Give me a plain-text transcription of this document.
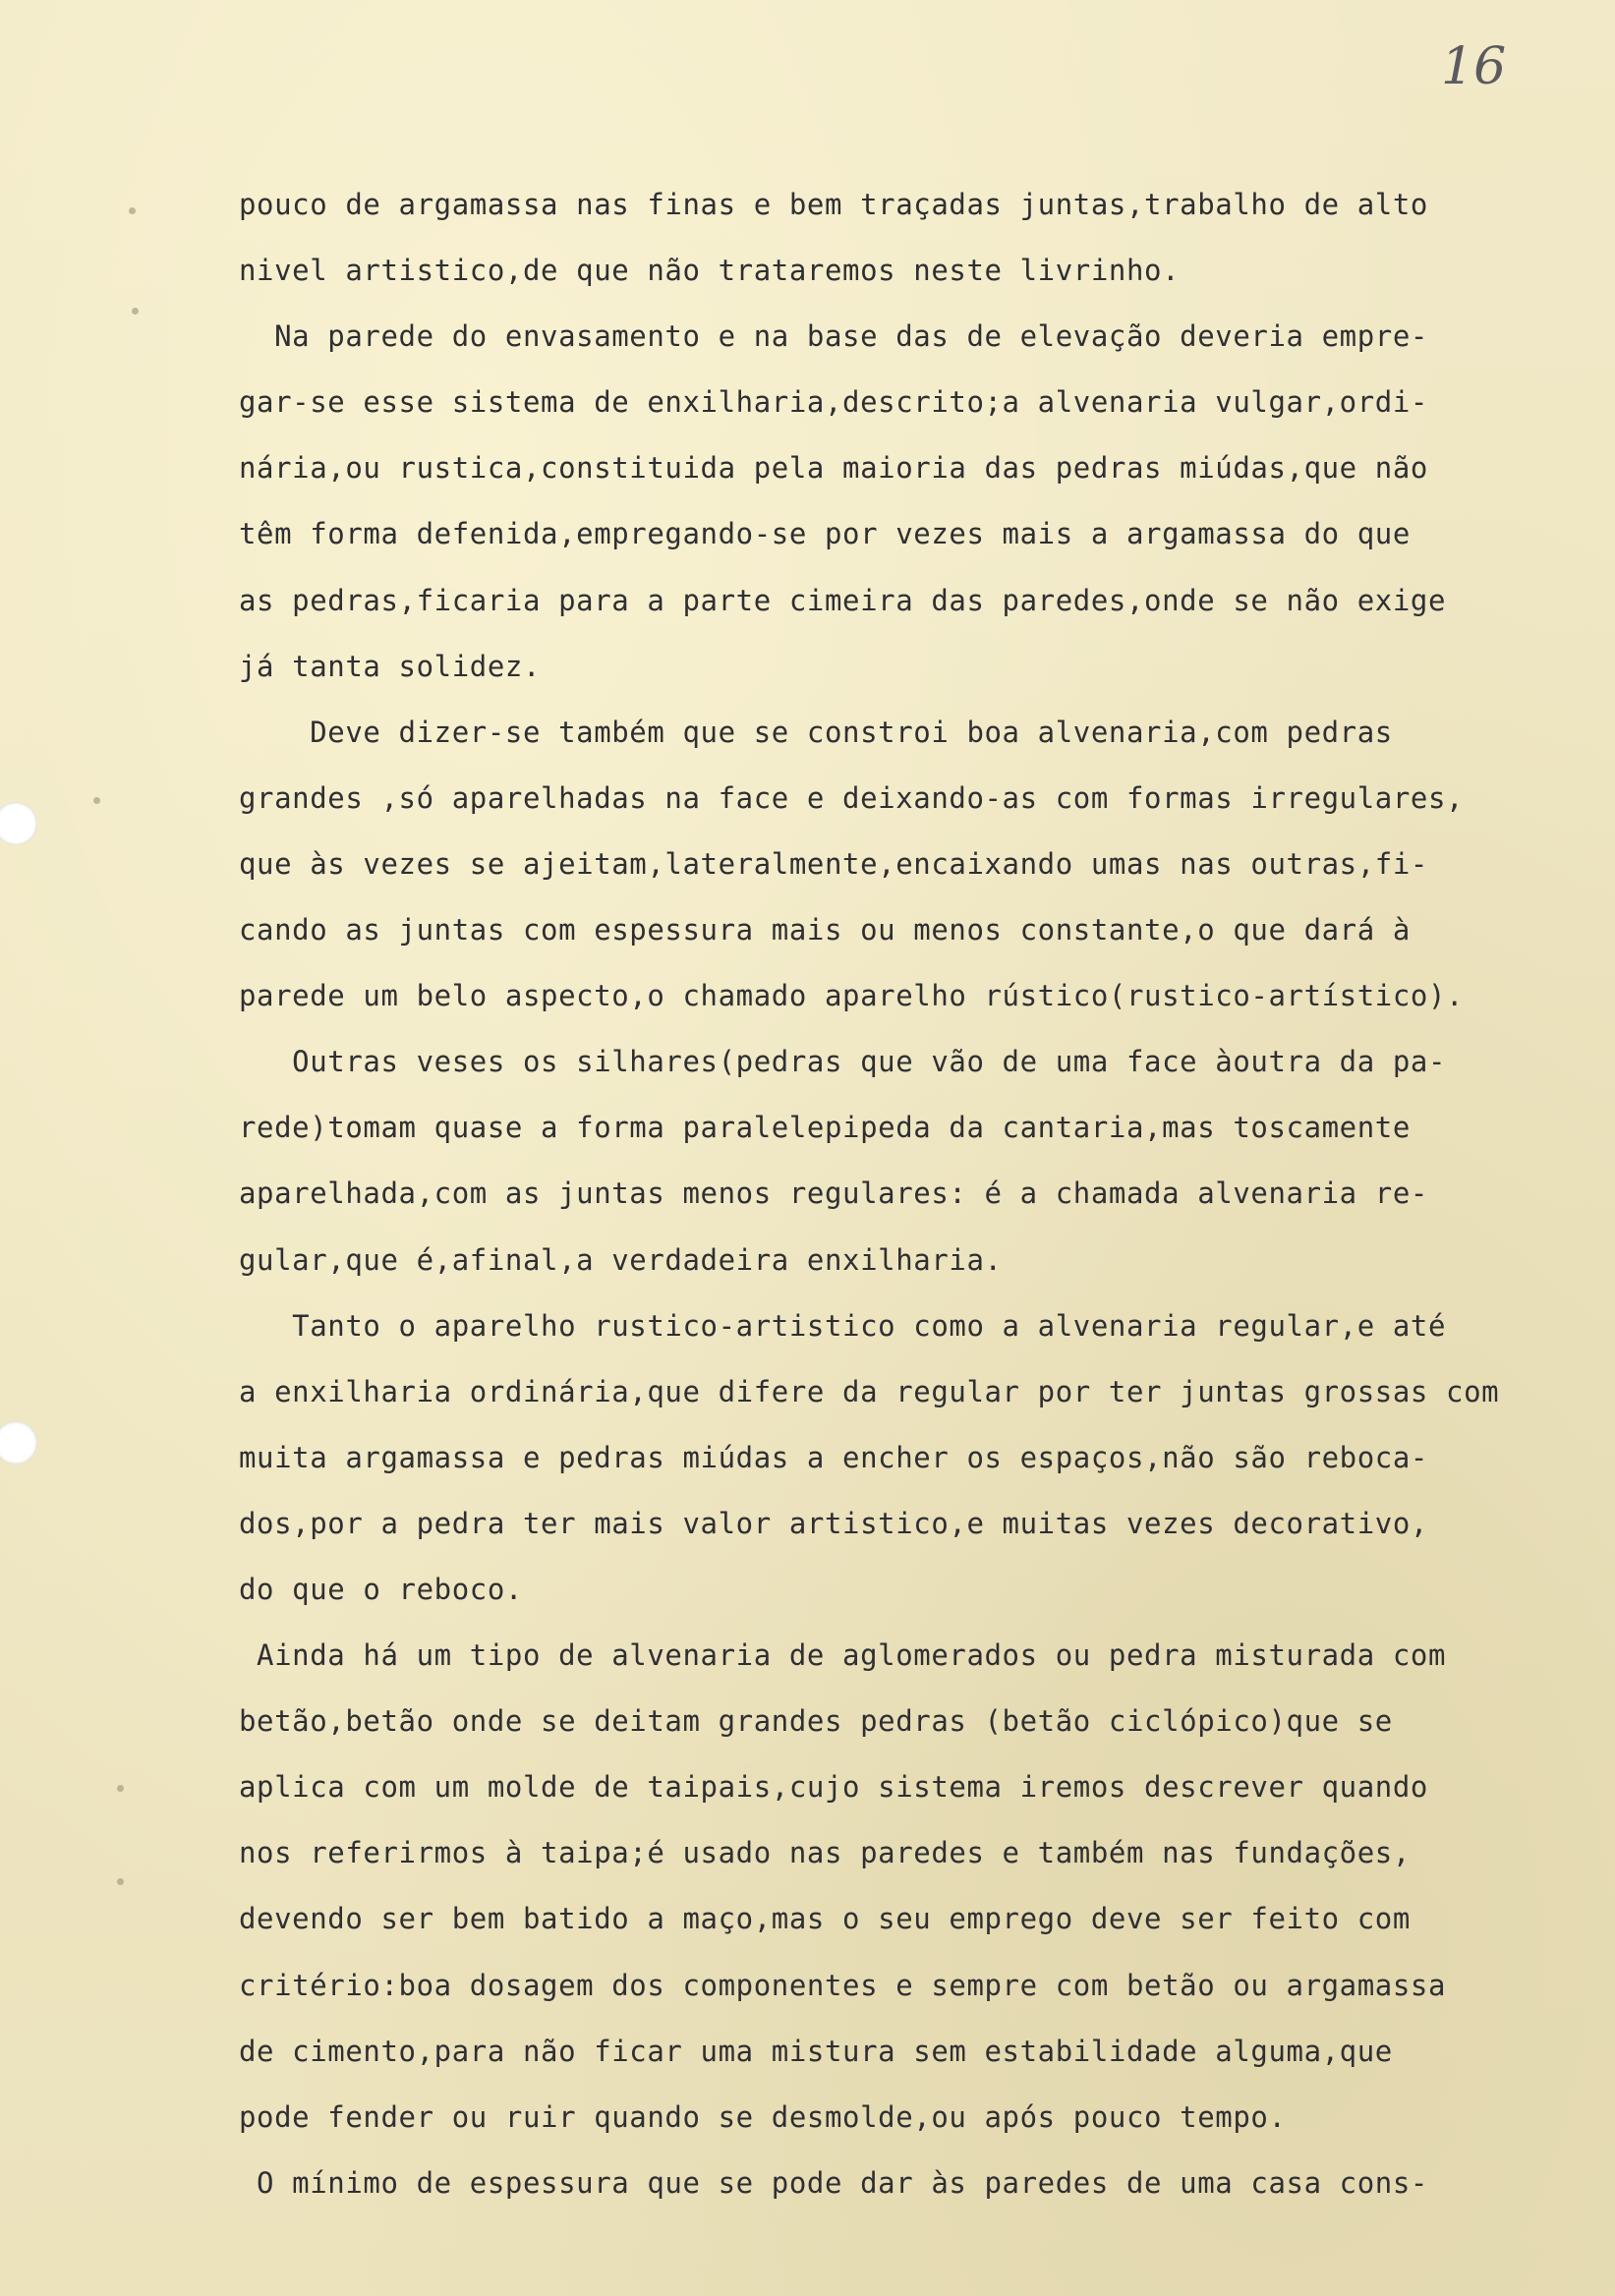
16
pouco de argamassa nas finas e bem traçadas juntas,trabalho de alto
nivel artistico,de que não trataremos neste livrinho.
Na parede do envasamento e na base das de elevação deveria empre-
gar-se esse sistema de enxilharia,descrito;a alvenaria vulgar,ordi-
nária,ou rustica,constituida pela maioria das pedras miúdas,que não
têm forma defenida,empregando-se por vezes mais a argamassa do que
as pedras,ficaria para a parte cimeira das paredes,onde se não exige
já tanta solidez.
Deve dizer-se também que se constroi boa alvenaria,com pedras
grandes ,só aparelhadas na face e deixando-as com formas irregulares,
que às vezes se ajeitam,lateralmente,encaixando umas nas outras,fi-
cando as juntas com espessura mais ou menos constante,o que dará à
parede um belo aspecto,o chamado aparelho rústico(rustico-artístico).
Outras veses os silhares(pedras que vão de uma face àoutra da pa-
rede)tomam quase a forma paralelepipeda da cantaria,mas toscamente
aparelhada,com as juntas menos regulares: é a chamada alvenaria re-
gular,que é,afinal,a verdadeira enxilharia.
Tanto o aparelho rustico-artistico como a alvenaria regular,e até
a enxilharia ordinária,que difere da regular por ter juntas grossas com
muita argamassa e pedras miúdas a encher os espaços,não são reboca-
dos,por a pedra ter mais valor artistico,e muitas vezes decorativo,
do que o reboco.
Ainda há um tipo de alvenaria de aglomerados ou pedra misturada com
betão,betão onde se deitam grandes pedras (betão ciclópico)que se
aplica com um molde de taipais,cujo sistema iremos descrever quando
nos referirmos à taipa;é usado nas paredes e também nas fundações,
devendo ser bem batido a maço,mas o seu emprego deve ser feito com
critério:boa dosagem dos componentes e sempre com betão ou argamassa
de cimento,para não ficar uma mistura sem estabilidade alguma,que
pode fender ou ruir quando se desmolde,ou após pouco tempo.
O mínimo de espessura que se pode dar às paredes de uma casa cons-
